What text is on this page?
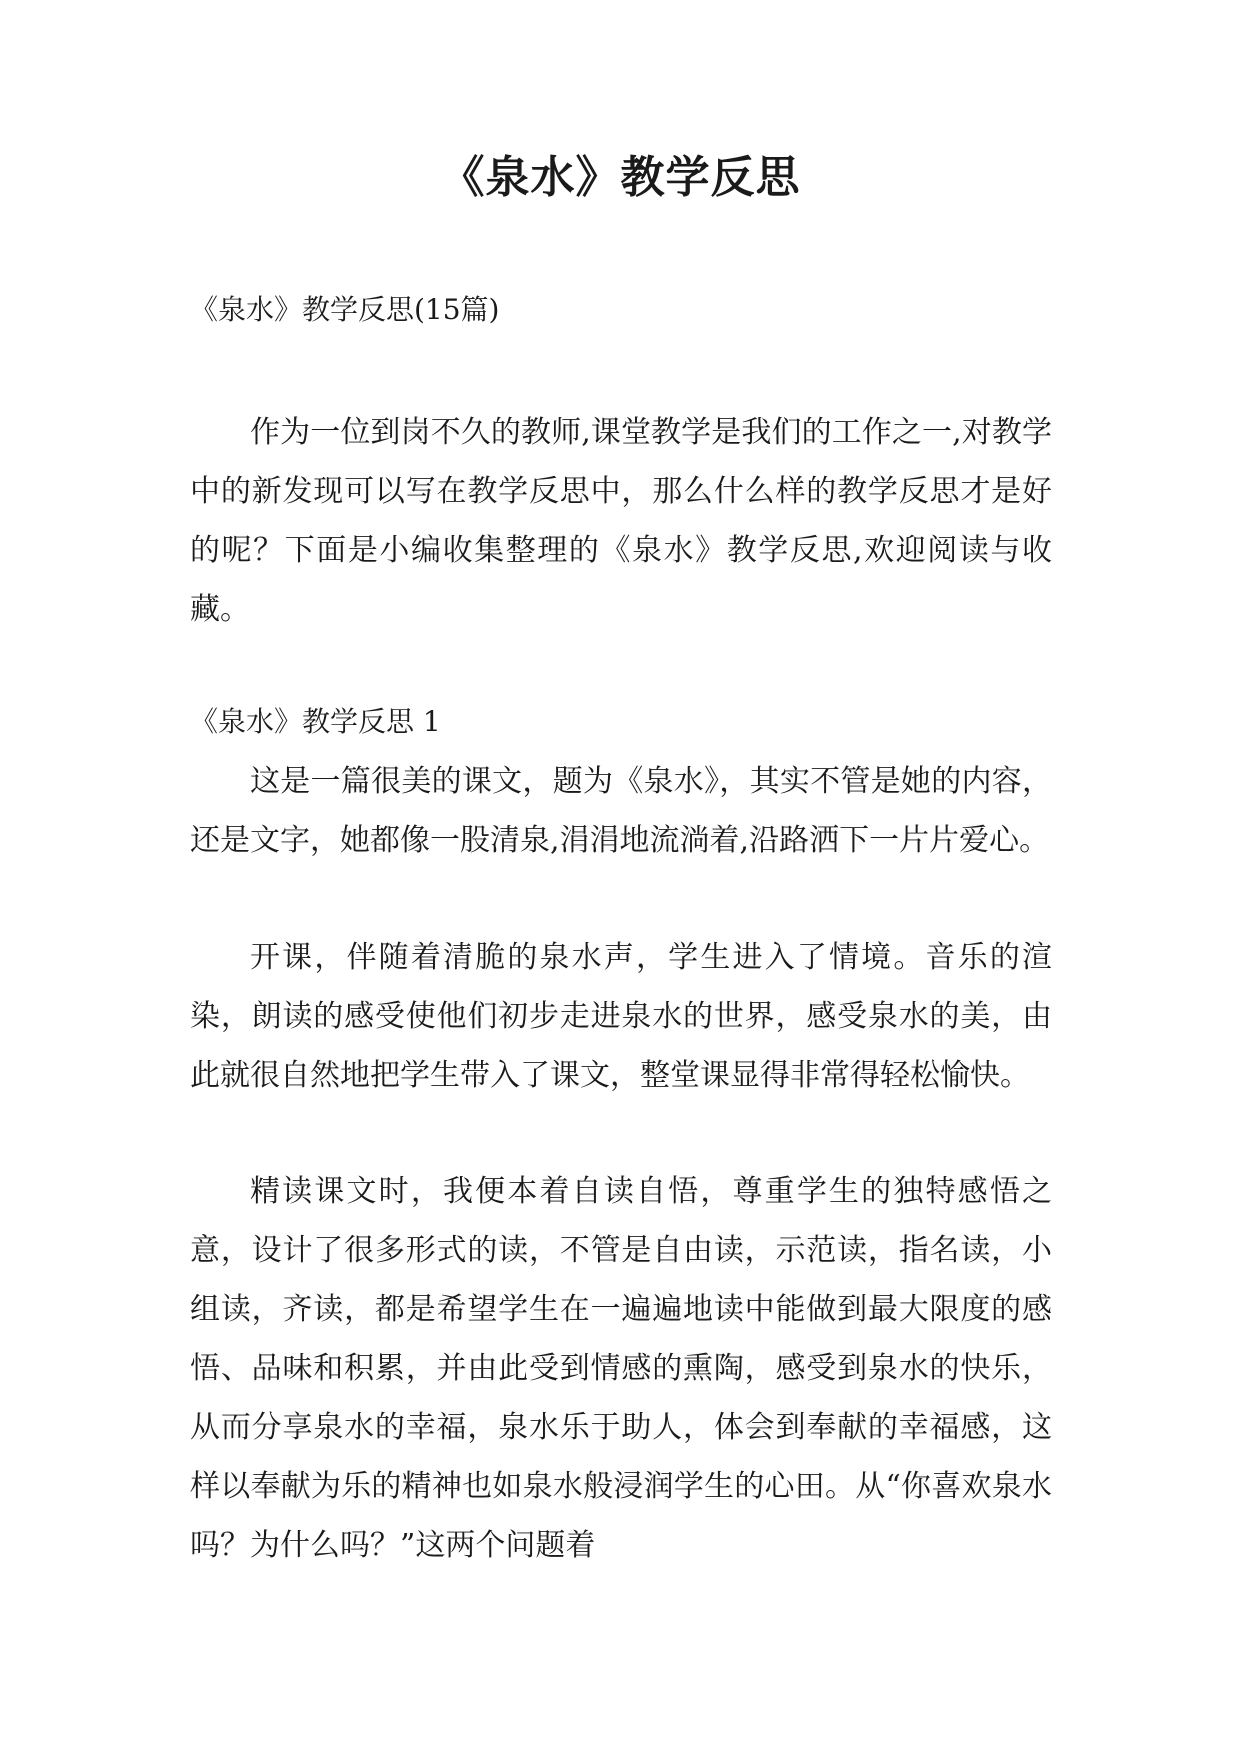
《泉水》教学反思
《泉水》教学反思(15篇)

作为一位到岗不久的教师,课堂教学是我们的工作之一,对教学中的新发现可以写在教学反思中，那么什么样的教学反思才是好的呢？下面是小编收集整理的《泉水》教学反思,欢迎阅读与收藏。

《泉水》教学反思 1

这是一篇很美的课文，题为《泉水》，其实不管是她的内容，还是文字，她都像一股清泉,涓涓地流淌着,沿路洒下一片片爱心。

开课，伴随着清脆的泉水声，学生进入了情境。音乐的渲染，朗读的感受使他们初步走进泉水的世界，感受泉水的美，由此就很自然地把学生带入了课文，整堂课显得非常得轻松愉快。

精读课文时，我便本着自读自悟，尊重学生的独特感悟之意，设计了很多形式的读，不管是自由读，示范读，指名读，小组读，齐读，都是希望学生在一遍遍地读中能做到最大限度的感悟、品味和积累，并由此受到情感的熏陶，感受到泉水的快乐，从而分享泉水的幸福，泉水乐于助人，体会到奉献的幸福感，这样以奉献为乐的精神也如泉水般浸润学生的心田。从“你喜欢泉水吗？为什么吗？”这两个问题着
